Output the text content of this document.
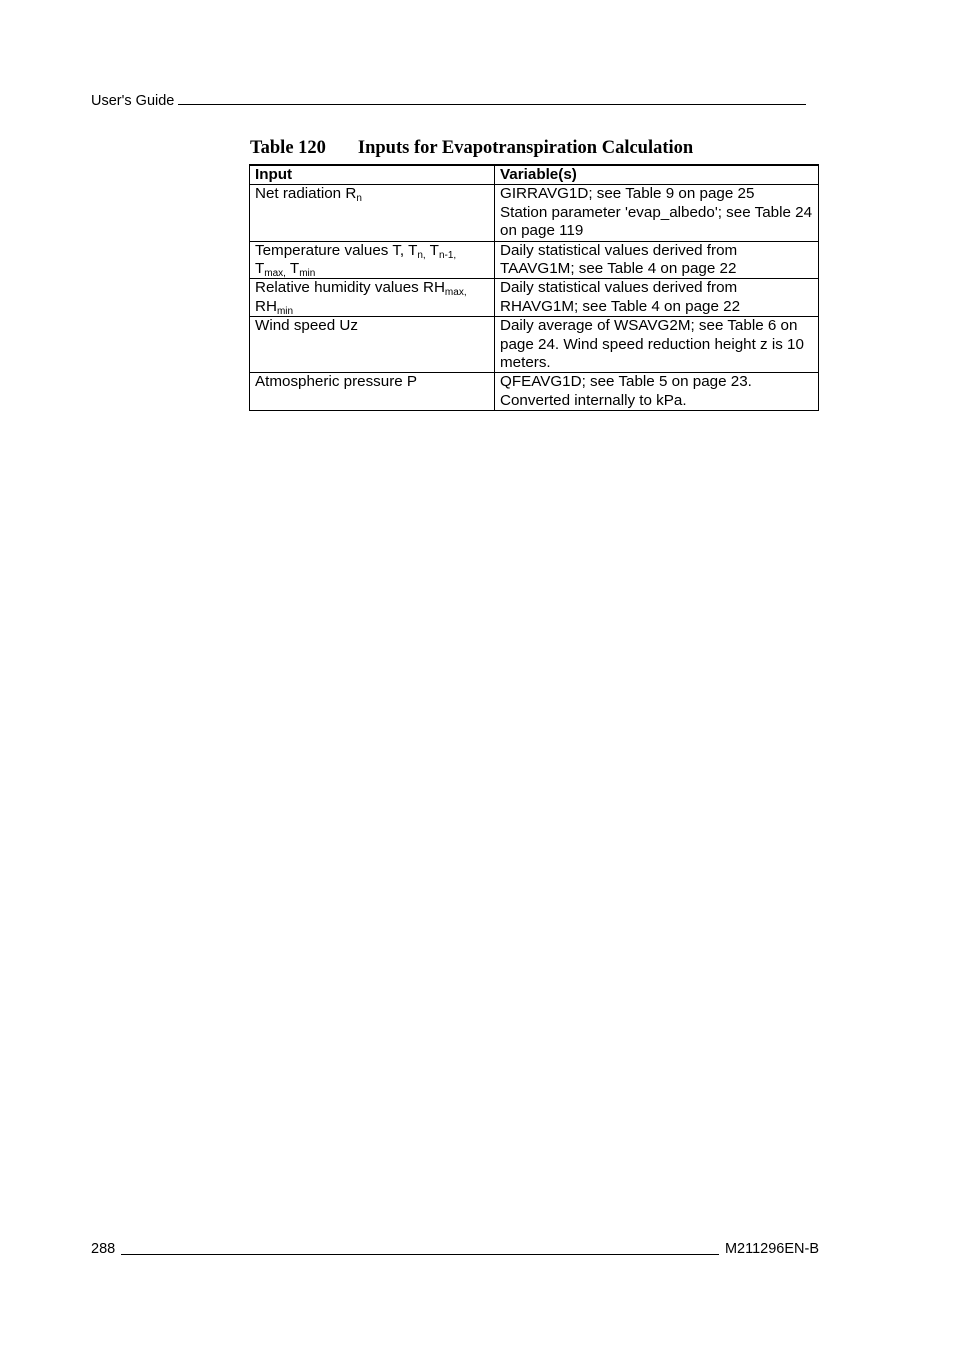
User's Guide
Table 120 Inputs for Evapotranspiration Calculation
Input	Variable(s)
Net radiation $R_n$	GIRRAVG1D; see Table 9 on page 25
Station parameter 'evap_albedo'; see Table 24 on page 119

Temperature values T, $T_{n,}$ $T_{n-1,}$ $T_{max,}$ $T_{min}$	Daily statistical values derived from TAAVG1M; see Table 4 on page 22

Relative humidity values $RH_{max,}$ $RH_{min}$	Daily statistical values derived from RHAVG1M; see Table 4 on page 22

Wind speed Uz	Daily average of WSAVG2M; see Table 6 on page 24. Wind speed reduction height z is 10 meters.

Atmospheric pressure P	QFEAVG1D; see Table 5 on page 23. Converted internally to kPa.
288	M211296EN-B
